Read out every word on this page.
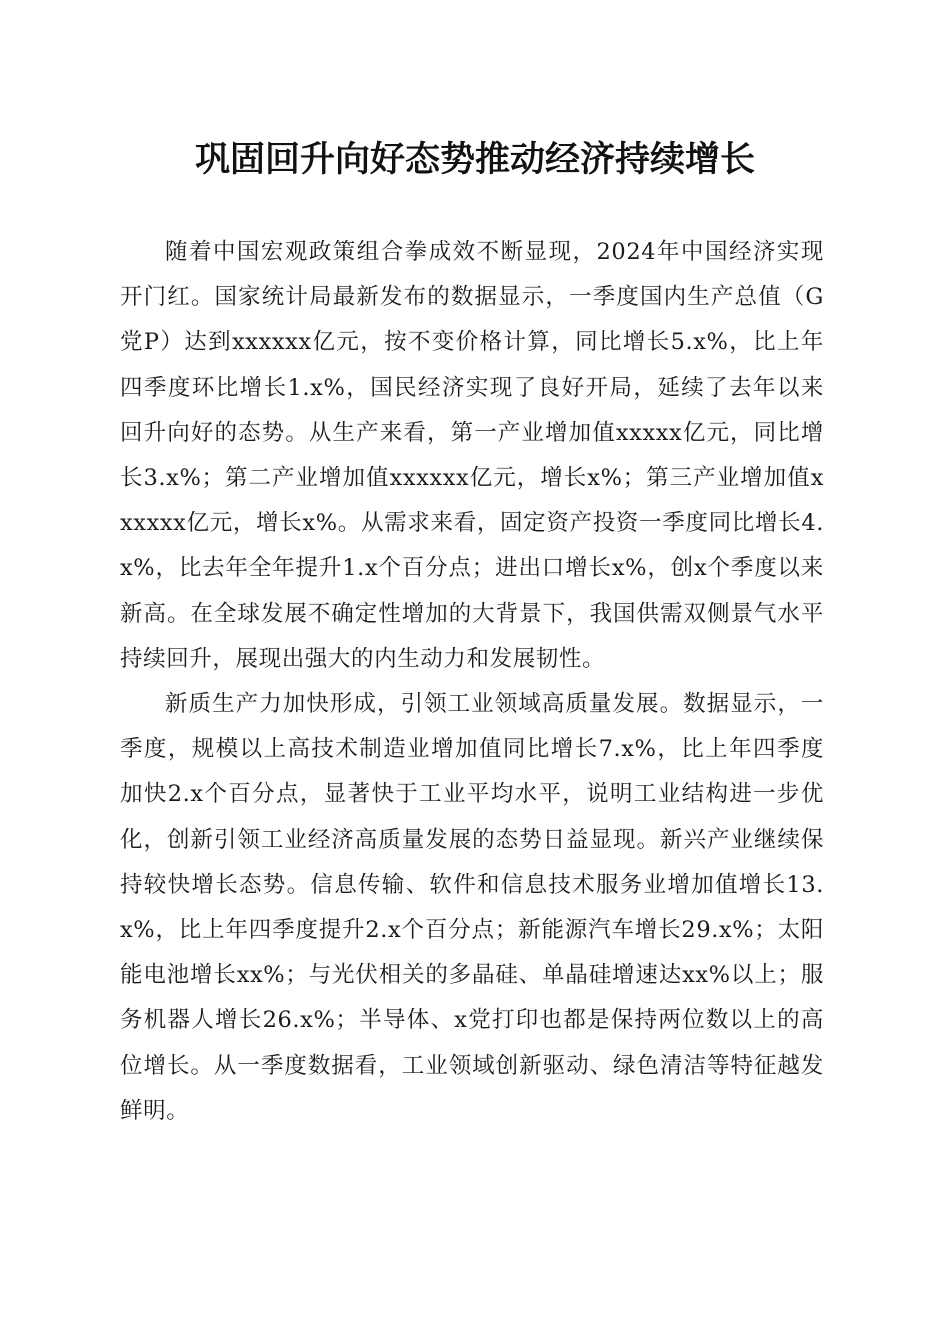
巩固回升向好态势推动经济持续增长

随着中国宏观政策组合拳成效不断显现，2024年中国经济实现开门红。国家统计局最新发布的数据显示，一季度国内生产总值（G党P）达到xxxxxx亿元，按不变价格计算，同比增长5.x%，比上年四季度环比增长1.x%，国民经济实现了良好开局，延续了去年以来回升向好的态势。从生产来看，第一产业增加值xxxxx亿元，同比增长3.x%；第二产业增加值xxxxxx亿元，增长x%；第三产业增加值xxxxxx亿元，增长x%。从需求来看，固定资产投资一季度同比增长4.x%，比去年全年提升1.x个百分点；进出口增长x%，创x个季度以来新高。在全球发展不确定性增加的大背景下，我国供需双侧景气水平持续回升，展现出强大的内生动力和发展韧性。

新质生产力加快形成，引领工业领域高质量发展。数据显示，一季度，规模以上高技术制造业增加值同比增长7.x%，比上年四季度加快2.x个百分点，显著快于工业平均水平，说明工业结构进一步优化，创新引领工业经济高质量发展的态势日益显现。新兴产业继续保持较快增长态势。信息传输、软件和信息技术服务业增加值增长13.x%，比上年四季度提升2.x个百分点；新能源汽车增长29.x%；太阳能电池增长xx%；与光伏相关的多晶硅、单晶硅增速达xx%以上；服务机器人增长26.x%；半导体、x党打印也都是保持两位数以上的高位增长。从一季度数据看，工业领域创新驱动、绿色清洁等特征越发鲜明。
